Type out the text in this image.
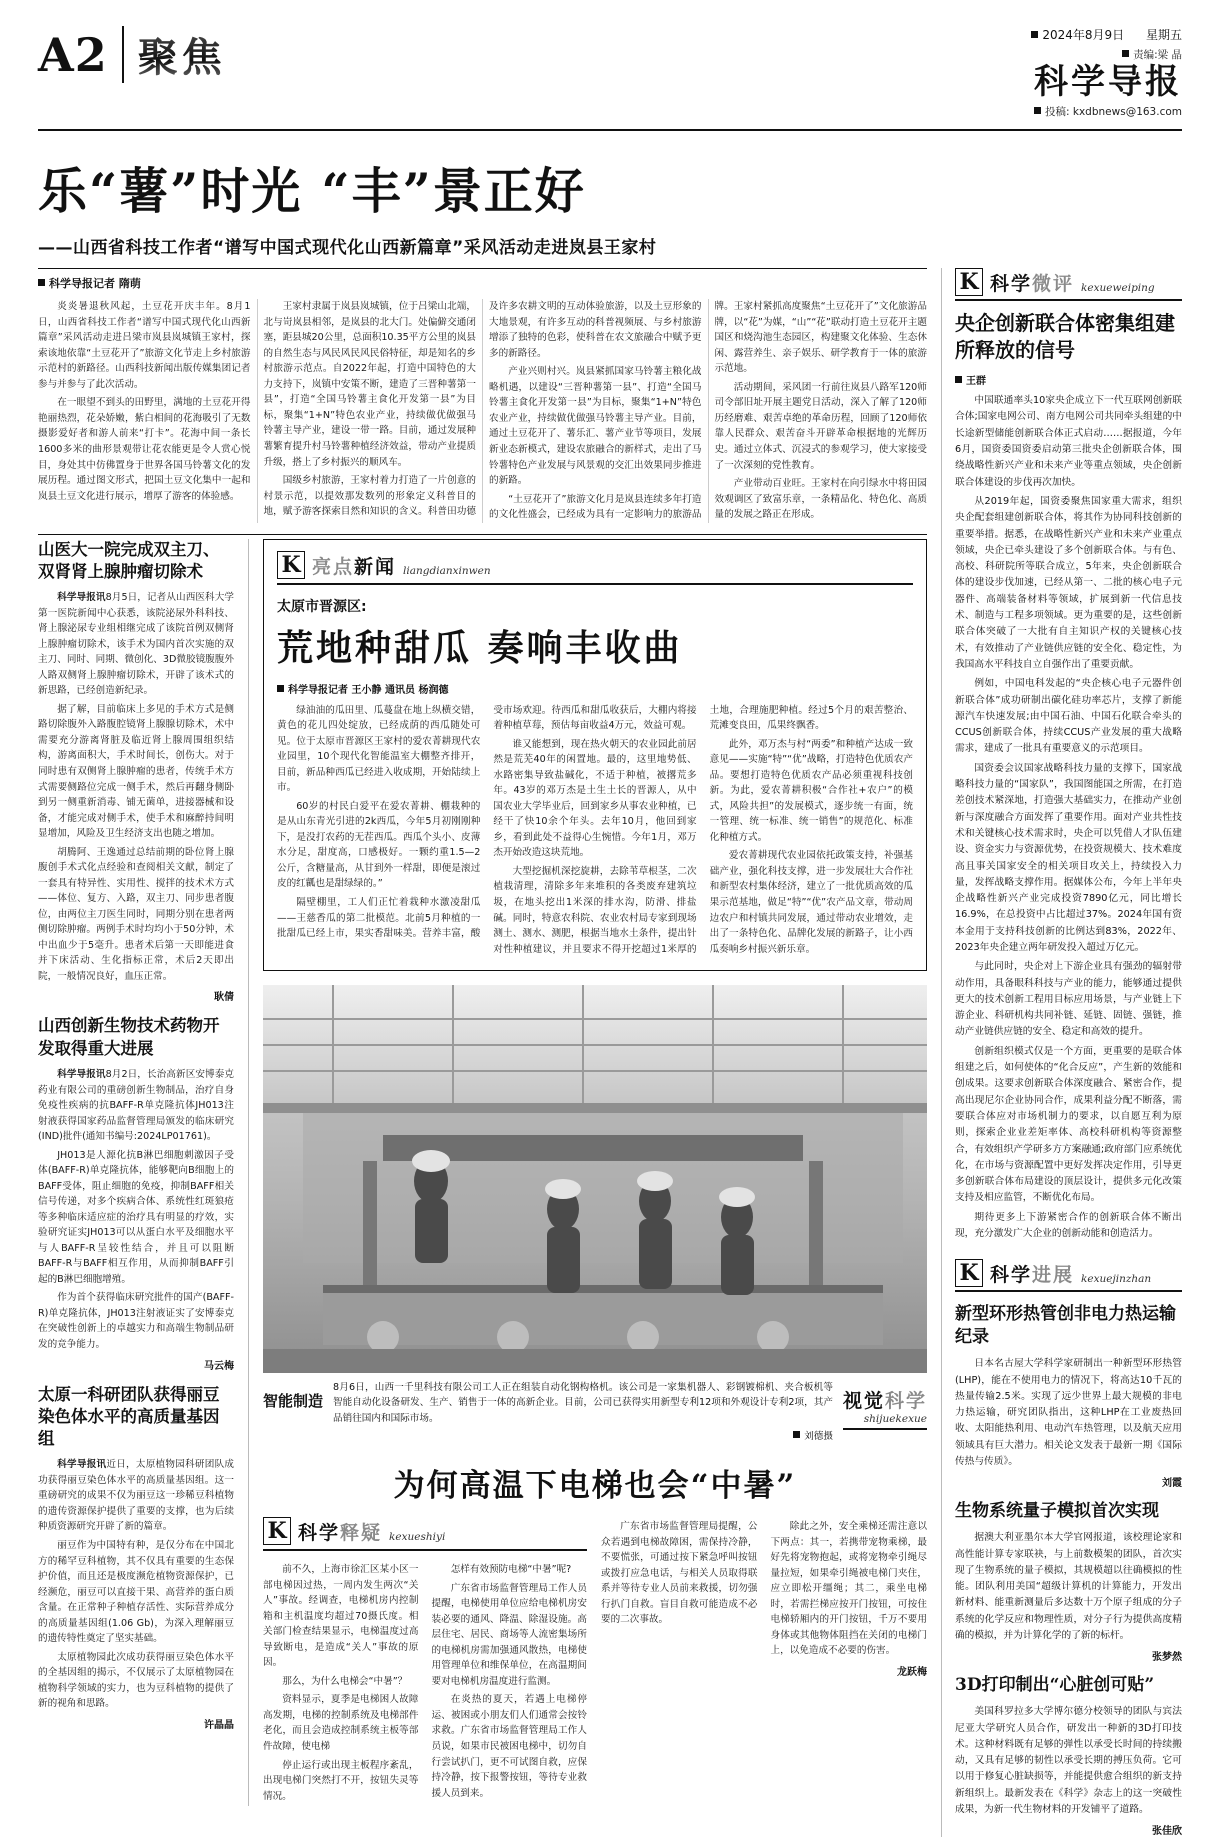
A2 聚焦	2024年8月9日 星期五
责编:梁 晶
科学导报
投稿: kxdbnews@163.com
乐“薯”时光 “丰”景正好
——山西省科技工作者“谱写中国式现代化山西新篇章”采风活动走进岚县王家村
科学导报记者 隋萌

炎炎暑退秋风起，土豆花开庆丰年。8月1日，山西省科技工作者“谱写中国式现代化山西新篇章”采风活动走进吕梁市岚县岚城镇王家村，探索该地依靠“土豆花开了”旅游文化节走上乡村旅游示范村的新路径。山西科技新闻出版传媒集团记者参与并参与了此次活动。

在一眼望不到头的田野里，满地的土豆花开得艳丽热烈，花朵娇嫩，紫白相间的花海吸引了无数摄影爱好者和游人前来“打卡”。花海中间一条长1600多米的曲形景观带让花农能更是令人赏心悦目，身处其中仿佛置身于世界各国马铃薯文化的发展历程。通过图文形式，把国土豆文化集中一起和岚县土豆文化进行展示，增厚了游客的体验感。

王家村隶属于岚县岚城镇，位于吕梁山北端，北与岢岚县相邻，是岚县的北大门。处偏僻交通闭塞，距县城20公里，总面积10.35平方公里的岚县的自然生态与风民风民风民俗特征，却是知名的乡村旅游示范点。自2022年起，打造中国特色的大力支持下，岚镇中安策不断，建造了三晋种薯第一县”，打造“全国马铃薯主食化开发第一县”为目标，聚集“1+N”特色农业产业，持续做优做强马铃薯主导产业，建设一带一路。目前，通过发展种薯繁育提升村马铃薯种植经济效益，带动产业提质升级，搭上了乡村振兴的顺风车。

国级乡村旅游，王家村着力打造了一片创意的村景示范，以提效那发数列的形象定义科普目的地，赋予游客探索目然和知识的含义。科普田功德及许多农耕文明的互动体验旅游，以及土豆形象的大地景观，有许多互动的科普视频展、与乡村旅游增添了独特的色彩，使科普在农文旅融合中赋予更多的新路径。

产业兴则村兴。岚县紧抓国家马铃薯主粮化战略机遇，以建设“三晋种薯第一县”、打造“全国马铃薯主食化开发第一县”为目标，聚集“1+N”特色农业产业，持续做优做强马铃薯主导产业。目前，通过土豆花开了、薯乐汇、薯产业节等项目，发展新业态新模式，建设农旅融合的新样式，走出了马铃薯特色产业发展与风景观的交汇出效果同步推进的新路。

“土豆花开了”旅游文化月是岚县连续多年打造的文化性盛会，已经成为具有一定影响力的旅游品牌。王家村紧抓高度聚焦“土豆花开了”文化旅游品牌，以“花”为媒，“山”“花”联动打造土豆花开主题国区和烧沟池生态园区，构建聚文化体验、生态休闲、露营养生、亲子娱乐、研学教育于一体的旅游示范地。

活动期间，采风团一行前往岚县八路军120师司令部旧址开展主题党日活动，深入了解了120师历经磨难、艰苦卓绝的革命历程，回顾了120师依靠人民群众、艰苦奋斗开辟革命根据地的光辉历史。通过立体式、沉浸式的参观学习，使大家接受了一次深刻的党性教育。

产业带动百业旺。王家村在向引绿水中将田园效观调区了致富乐章，一条精品化、特色化、高质量的发展之路正在形成。

山医大一院完成双主刀、双肾肾上腺肿瘤切除术

科学导报讯8月5日，记者从山西医科大学第一医院新闻中心获悉，该院泌尿外科科技、肾上腺泌尿专业组相继完成了该院首例双侧肾上腺肿瘤切除术，该手术为国内首次实施的双主刀、同时、同期、微创化、3D微胶镜腹腹外人路双侧肾上腺肿瘤切除术，开辟了该术式的新思路，已经创造新纪录。

据了解，目前临床上多见的手术方式是侧路切除腹外入路腹腔镜肾上腺腺切除术，术中需要充分游离肾脏及临近肾上腺周围组织结构，游离面积大，手术时间长，创伤大。对于同时患有双侧肾上腺肿瘤的患者，传统手术方式需要侧路位完成一侧手术，然后再翻身侧卧到另一侧重新消毒、铺无菌单，进接器械和设备，才能完成对侧手术，使手术和麻醉持间明显增加，风险及卫生经济支出也随之增加。

胡腾阿、王逸通过总结前期的卧位肾上腺腹创手术式化点经验和查阅相关文献，制定了一套具有特异性、实用性、搅拌的技术术方式——体位、复方、入路，双主刀、同步患者腹位，由两位主刀医生同时，同期分别在患者两侧切除肿瘤。两例手术时均均小于50分钟，术中出血少于5毫升。患者术后第一天即能进食并下床活动、生化指标正常，术后2天即出院，一般情况良好，血压正常。

耿倩
山西创新生物技术药物开发取得重大进展

科学导报讯8月2日，长治高新区安博泰克药业有限公司的重磅创新生物制品，治疗自身免疫性疾病的抗BAFF-R单克隆抗体JH013注射液获得国家药品监督管理局颁发的临床研究(IND)批件(通知书编号:2024LP01761)。

JH013是人源化抗B淋巴细胞刺激因子受体(BAFF-R)单克隆抗体，能够靶向B细胞上的BAFF受体，阻止细胞的免疫，抑制BAFF相关信号传递，对多个疾病合体、系统性红斑狼疮等多种临床适应症的治疗具有明显的疗效，实验研究证实JH013可以从蛋白水平及细胞水平与人BAFF-R呈较性结合，并且可以阻断BAFF-R与BAFF相互作用，从而抑制BAFF引起的B淋巴细胞增殖。

作为首个获得临床研究批件的国产(BAFF-R)单克隆抗体，JH013注射液证实了安博泰克在突破性创新上的卓越实力和高端生物制品研发的竞争能力。

马云梅
太原一科研团队获得丽豆染色体水平的高质量基因组

科学导报讯近日，太原植物园科研团队成功获得丽豆染色体水平的高质量基因组。这一重磅研究的成果不仅为丽豆这一珍稀豆科植物的遗传资源保护提供了重要的支撑，也为后续种质资源研究开辟了新的篇章。

丽豆作为中国特有种，是仅分布在中国北方的稀罕豆科植物，其不仅具有重要的生态保护价值，而且还是极度濒危植物资源保护，已经濒危，丽豆可以直接干果、高营养的蛋白质含量。在正常种子种植存活性、实际营养成分的高质量基因组(1.06 Gb)，为深入理解丽豆的遗传特性奠定了坚实基础。

太原植物园此次成功获得丽豆染色体水平的全基因组的揭示，不仅展示了太原植物园在植物科学领域的实力，也为豆科植物的提供了新的视角和思路。

许晶晶
K 亮点新闻 liangdianxinwen
太原市晋源区:
荒地种甜瓜 奏响丰收曲
科学导报记者 王小静 通讯员 杨润德

绿油油的瓜田里、瓜蔓盘在地上纵横交错，黄色的花儿四处绽放，已经成荫的西瓜随处可见。位于太原市晋源区王家村的爱农菁耕现代农业园里，10个现代化智能温室大棚整齐排开，目前，新品种西瓜已经进入收成期，开始陆续上市。

60岁的村民白爱平在爱农菁耕、棚栽种的是从山东青光引进的2k西瓜，今年5月初刚刚种下，是没打农药的无茬西瓜。西瓜个头小、皮薄水分足，甜度高，口感极好。一颗约重1.5—2公斤，含糖量高，从甘到外一样甜，即便是滚过皮的红瓤也是甜绿绿的。”

隔壁棚里，工人们正忙着栽种水激凌甜瓜——王慈香瓜的第二批模范。北前5月种植的一批甜瓜已经上市，果实香甜味美。营养丰富，酸受市场欢迎。待西瓜和甜瓜收获后，大棚内将接着种植草莓，预估每亩收益4万元，效益可观。

谁又能想到，现在热火朝天的农业园此前居然是荒芜40年的闲置地。最的，这里地势低、水路密集导致盐碱化，不适于种植，被撂荒多年。43岁的邓万杰是土生土长的晋源人，从中国农业大学毕业后，回到家乡从事农业种植，已经干了快10余个年头。去年10月，他回到家乡，看到此处不益得心生惋惜。今年1月，邓万杰开始改造这块荒地。

大型挖掘机深挖旋耕，去除苇草根茎，二次植栽清理，清除多年来堆积的各类废弃建筑垃圾，在地头挖出1米深的排水沟，防滑、排盐碱。同时，特意农科院、农业农村局专家到现场测土、测水、测肥，根据当地水土条件，提出针对性种植建议，并且要求不得开挖超过1米厚的土地，合理施肥种植。经过5个月的艰苦整治、荒滩变良田，瓜果终飘香。

此外，邓万杰与村“两委”和种植产达成一致意见——实施“特”“优”战略，打造特色优质农产品。要想打造特色优质农产品必须重视科技创新。为此，爱农菁耕积极“合作社+农户”的模式，风险共担”的发展模式，逐步统一有面，统一管理、统一标准、统一销售”的规范化、标准化种植方式。

爱农菁耕现代农业园依托政策支持，补强基础产业，强化科技支撑，进一步发展壮大合作社和新型农村集体经济，建立了一批优质高效的瓜果示范基地，做足“特”“优”农产品文章，带动周边农户和村镇共同发展，通过带动农业增效，走出了一条特色化、品牌化发展的新路子，让小西瓜奏响乡村振兴新乐章。

智能制造
8月6日，山西一千里科技有限公司工人正在组装自动化钢构格机。该公司是一家集机器人、彩钢镀棉机、夹合板机等智能自动化设备研发、生产、销售于一体的高新企业。目前，公司已获得实用新型专利12项和外观设计专利2项，其产品销往国内和国际市场。
刘德摄
视觉科学
shijuekexue
为何高温下电梯也会“中暑”
K 科学释疑 kexueshiyi

前不久，上海市徐汇区某小区一部电梯因过热，一周内发生两次“关人”事故。经调查，电梯机房内控制箱和主机温度均超过70摄氏度。相关部门检查结果显示，电梯温度过高导致断电，是造成“关人”事故的原因。

那么，为什么电梯会“中暑”？

资料显示，夏季是电梯困人故障高发期，电梯的控制系统及电梯部件老化，而且会造成控制系统主板等部件故障，使电梯

停止运行或出现主板程序紊乱，出现电梯门突然打不开，按钮失灵等情况。

怎样有效预防电梯“中暑”呢?

广东省市场监督管理局工作人员提醒，电梯使用单位应给电梯机房安装必要的通风、降温、除湿设施。高层住宅、居民、商场等人流密集场所的电梯机房需加强通风散热，电梯使用管理单位和维保单位，在高温期间要对电梯机房温度进行监测。

在炎热的夏天，若遇上电梯停运、被困或小朋友们人们通常会按铃求救。广东省市场监督管理局工作人员说，如果市民被困电梯中，切勿自行尝试扒门，更不可试图自救，应保持冷静，按下报警按钮，等待专业救援人员到来。

广东省市场监督管理局提醒，公众若遇到电梯故障困，需保持冷静，不要慌张，可通过按下紧急呼叫按钮或拨打应急电话，与相关人员取得联系并等待专业人员前来救援，切勿强行扒门自救。盲目自救可能造成不必要的二次事故。

除此之外，安全乘梯还需注意以下两点：其一，若携带宠物乘梯，最好先将宠物抱起，或将宠物牵引绳尽量拉短，如果牵引绳被电梯门夹住，应立即松开缰绳；其二，乘坐电梯时，若需拦梯应按开门按钮，可按住电梯轿厢内的开门按钮，千万不要用身体或其他物体阻挡在关闭的电梯门上，以免造成不必要的伤害。

龙跃梅
K 科学微评 kexueweiping
央企创新联合体密集组建所释放的信号
王群

中国联通率头10家央企成立下一代互联网创新联合体;国家电网公司、南方电网公司共同牵头组建的中长途新型储能创新联合体正式启动……据报道，今年6月，国资委国资委启动第三批央企创新联合体，围绕战略性新兴产业和未来产业等重点领域，央企创新联合体建设的步伐再次加快。

从2019年起，国资委聚焦国家重大需求，组织央企配套组建创新联合体，将其作为协同科技创新的重要举措。据悉，在战略性新兴产业和未来产业重点领域，央企已牵头建设了多个创新联合体。与有色、高校、科研院所等联合成立，5年来，央企创新联合体的建设步伐加速，已经从第一、二批的核心电子元器件、高端装备材料等领域，扩展到新一代信息技术、制造与工程多项领域。更为重要的是，这些创新联合体突破了一大批有自主知识产权的关键核心技术，有效推动了产业链供应链的安全化、稳定性，为我国高水平科技自立自强作出了重要贡献。

例如，中国电科发起的“央企核心电子元器件创新联合体”成功研制出碳化硅功率芯片，支撑了新能源汽车快速发展;由中国石油、中国石化联合牵头的CCUS创新联合体，持续CCUS产业发展的重大战略需求，建成了一批具有重要意义的示范项目。

国资委会议国家战略科技力量的支撑下，国家战略科技力量的“国家队”，我国图能国之所需，在打造差创技术紧深地，打造强大基础实力，在推动产业创新与深度融合方面发挥了重要作用。面对产业共性技术和关键核心技术需求时，央企可以凭借人才队伍建设、资金实力与资源优势，在投资规模大、技术难度高且事关国家安全的相关项目攻关上，持续投入力量，发挥战略支撑作用。据媒体公布，今年上半年央企战略性新兴产业完成投资7890亿元，同比增长16.9%，在总投资中占比超过37%。2024年国有资本金用于支持科技创新的比例达到83%，2022年、2023年央企建立两年研发投入超过万亿元。

与此同时，央企对上下游企业具有强劲的辐射带动作用，具备眼科科技与产业的能力，能够通过提供更大的技术创新工程用目标应用场景，与产业链上下游企业、科研机构共同补链、延链、固链、强链，推动产业链供应链的安全、稳定和高效的提升。

创新组织模式仅是一个方面，更重要的是联合体组建之后，如何使体的“化合反应”，产生新的效能和创成果。这要求创新联合体深度融合、紧密合作，提高出现尼尔企业协同合作，成果利益分配不断落，需要联合体应对市场机制力的要求，以自愿互利为原则，探索企业业差矩率体、高校科研机构等资源整合，有效组织产学研多方方案融通;政府部门应系统优化，在市场与资源配置中更好发挥决定作用，引导更多创新联合体布局建设的顶层设计，提供多元化改策支持及相应监管，不断优化布局。

期待更多上下游紧密合作的创新联合体不断出现，充分激发广大企业的创新动能和创造活力。

K 科学进展 kexuejinzhan
新型环形热管创非电力热运输纪录

日本名古屋大学科学家研制出一种新型环形热管(LHP)，能在不使用电力的情况下，将高达10千瓦的热量传输2.5米。实现了远少世界上最大规模的非电力热运输，研究团队指出，这种LHP在工业废热回收、太阳能热利用、电动汽车热管理，以及航天应用领域具有巨大潜力。相关论文发表于最新一期《国际传热与传质》。

刘霞
生物系统量子模拟首次实现

据澳大利亚墨尔本大学官网报道，该校理论家和高性能计算专家联袂，与上前数模架的团队，首次实现了生物系统的量子模拟，其规模超以往确模拟的性能。团队利用美国“超级计算机的计算能力，开发出新材料、能重新测量后多达数十万个原子组成的分子系统的化学反应和物理性质，对分子行为提供高度精确的模拟，并为计算化学的了新的标杆。

张梦然
3D打印制出“心脏创可贴”

美国科罗拉多大学博尔德分校领导的团队与宾法尼亚大学研究人员合作，研发出一种新的3D打印技术。这种材料既有足够的弹性以承受长时间的持续搬动，又具有足够的韧性以承受长期的搏压负荷。它可以用于修复心脏缺损等，并能提供愈合组织的新支持新组织上。最新发表在《科学》杂志上的这一突破性成果，为新一代生物材料的开发铺平了道路。

张佳欣
